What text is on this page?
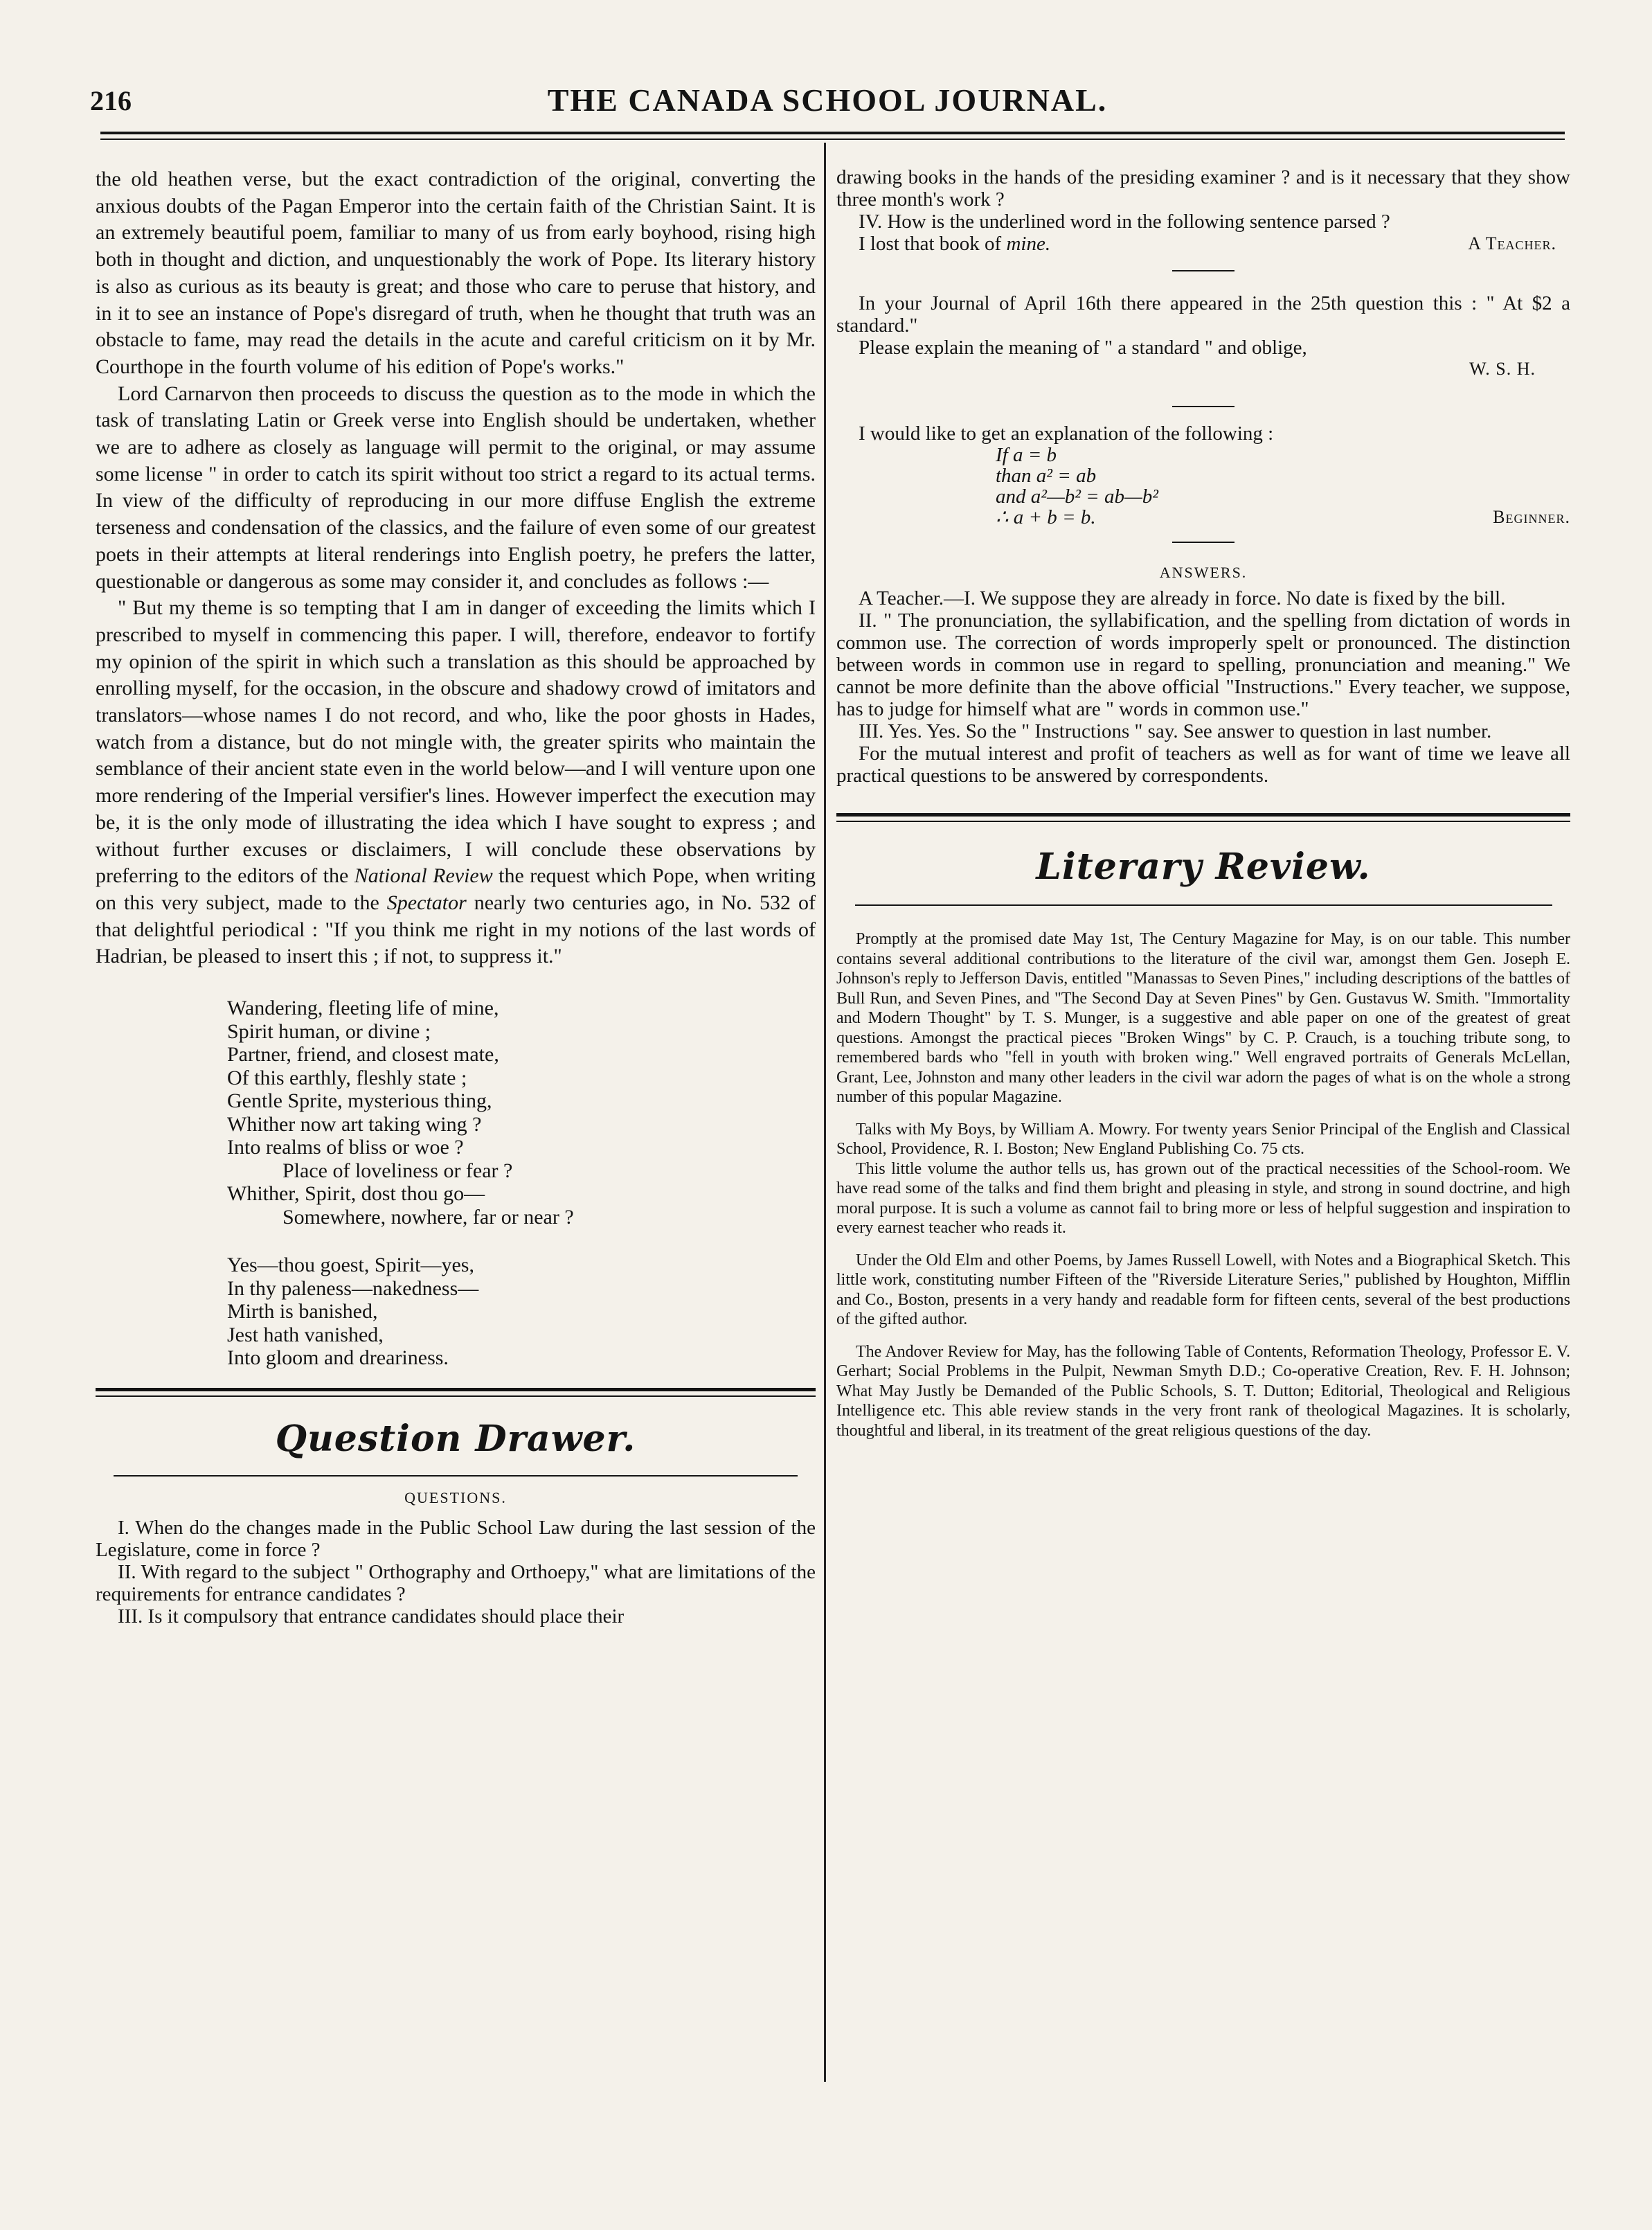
216	THE CANADA SCHOOL JOURNAL.

the old heathen verse, but the exact contradiction of the original, converting the anxious doubts of the Pagan Emperor into the certain faith of the Christian Saint. It is an extremely beautiful poem, familiar to many of us from early boyhood, rising high both in thought and diction, and unquestionably the work of Pope. Its literary history is also as curious as its beauty is great; and those who care to peruse that history, and in it to see an instance of Pope's disregard of truth, when he thought that truth was an obstacle to fame, may read the details in the acute and careful criticism on it by Mr. Courthope in the fourth volume of his edition of Pope's works."

Lord Carnarvon then proceeds to discuss the question as to the mode in which the task of translating Latin or Greek verse into English should be undertaken, whether we are to adhere as closely as language will permit to the original, or may assume some license " in order to catch its spirit without too strict a regard to its actual terms. In view of the difficulty of reproducing in our more diffuse English the extreme terseness and condensation of the classics, and the failure of even some of our greatest poets in their attempts at literal renderings into English poetry, he prefers the latter, questionable or dangerous as some may consider it, and concludes as follows :—

" But my theme is so tempting that I am in danger of exceeding the limits which I prescribed to myself in commencing this paper. I will, therefore, endeavor to fortify my opinion of the spirit in which such a translation as this should be approached by enrolling myself, for the occasion, in the obscure and shadowy crowd of imitators and translators—whose names I do not record, and who, like the poor ghosts in Hades, watch from a distance, but do not mingle with, the greater spirits who maintain the semblance of their ancient state even in the world below—and I will venture upon one more rendering of the Imperial versifier's lines. However imperfect the execution may be, it is the only mode of illustrating the idea which I have sought to express ; and without further excuses or disclaimers, I will conclude these observations by preferring to the editors of the National Review the request which Pope, when writing on this very subject, made to the Spectator nearly two centuries ago, in No. 532 of that delightful periodical : "If you think me right in my notions of the last words of Hadrian, be pleased to insert this ; if not, to suppress it."

Wandering, fleeting life of mine,
Spirit human, or divine ;
Partner, friend, and closest mate,
Of this earthly, fleshly state ;
Gentle Sprite, mysterious thing,
Whither now art taking wing ?
Into realms of bliss or woe ?
Place of loveliness or fear ?
Whither, Spirit, dost thou go—
Somewhere, nowhere, far or near ?
Yes—thou goest, Spirit—yes,
In thy paleness—nakedness—
Mirth is banished,
Jest hath vanished,
Into gloom and dreariness.
Question Drawer.
QUESTIONS.

I. When do the changes made in the Public School Law during the last session of the Legislature, come in force ?

II. With regard to the subject " Orthography and Orthoepy," what are limitations of the requirements for entrance candidates ?

III. Is it compulsory that entrance candidates should place their

drawing books in the hands of the presiding examiner ? and is it necessary that they show three month's work ?

IV. How is the underlined word in the following sentence parsed ?

I lost that book of mine.	A Teacher.

In your Journal of April 16th there appeared in the 25th question this : " At $2 a standard."

Please explain the meaning of " a standard " and oblige,

W. S. H.

I would like to get an explanation of the following :

If a = b
than a² = ab
and a²—b² = ab—b²
∴ a + b = b.	Beginner.
ANSWERS.

A Teacher.—I. We suppose they are already in force. No date is fixed by the bill.

II. " The pronunciation, the syllabification, and the spelling from dictation of words in common use. The correction of words improperly spelt or pronounced. The distinction between words in common use in regard to spelling, pronunciation and meaning." We cannot be more definite than the above official "Instructions." Every teacher, we suppose, has to judge for himself what are " words in common use."

III. Yes. Yes. So the " Instructions " say. See answer to question in last number.

For the mutual interest and profit of teachers as well as for want of time we leave all practical questions to be answered by correspondents.

Literary Review.

Promptly at the promised date May 1st, The Century Magazine for May, is on our table. This number contains several additional contributions to the literature of the civil war, amongst them Gen. Joseph E. Johnson's reply to Jefferson Davis, entitled "Manassas to Seven Pines," including descriptions of the battles of Bull Run, and Seven Pines, and "The Second Day at Seven Pines" by Gen. Gustavus W. Smith. "Immortality and Modern Thought" by T. S. Munger, is a suggestive and able paper on one of the greatest of great questions. Amongst the practical pieces "Broken Wings" by C. P. Crauch, is a touching tribute song, to remembered bards who "fell in youth with broken wing." Well engraved portraits of Generals McLellan, Grant, Lee, Johnston and many other leaders in the civil war adorn the pages of what is on the whole a strong number of this popular Magazine.

Talks with My Boys, by William A. Mowry. For twenty years Senior Principal of the English and Classical School, Providence, R. I. Boston; New England Publishing Co. 75 cts.

This little volume the author tells us, has grown out of the practical necessities of the School-room. We have read some of the talks and find them bright and pleasing in style, and strong in sound doctrine, and high moral purpose. It is such a volume as cannot fail to bring more or less of helpful suggestion and inspiration to every earnest teacher who reads it.

Under the Old Elm and other Poems, by James Russell Lowell, with Notes and a Biographical Sketch. This little work, constituting number Fifteen of the "Riverside Literature Series," published by Houghton, Mifflin and Co., Boston, presents in a very handy and readable form for fifteen cents, several of the best productions of the gifted author.

The Andover Review for May, has the following Table of Contents, Reformation Theology, Professor E. V. Gerhart; Social Problems in the Pulpit, Newman Smyth D.D.; Co-operative Creation, Rev. F. H. Johnson; What May Justly be Demanded of the Public Schools, S. T. Dutton; Editorial, Theological and Religious Intelligence etc. This able review stands in the very front rank of theological Magazines. It is scholarly, thoughtful and liberal, in its treatment of the great religious questions of the day.
